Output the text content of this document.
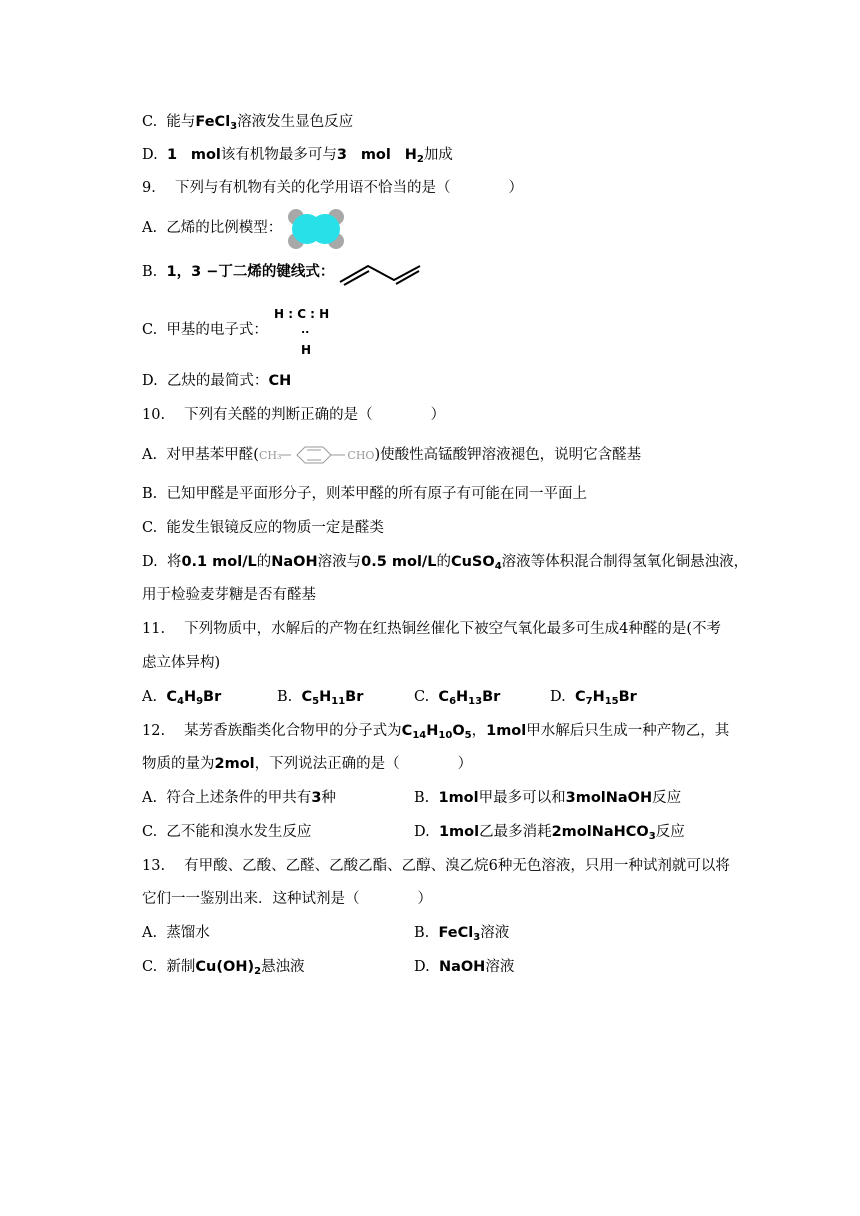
C. 能与FeCl$_3$溶液发生显色反应
D. 1 mol该有机物最多可与3 mol $H_2$加成
9.　 下列与有机物有关的化学用语不恰当的是（　　　　）
A. 乙烯的比例模型：
B. 1，3 −丁二烯的键线式：
C. 甲基的电子式：
H : C : H
..
H
D. 乙炔的最简式：CH
10.　 下列有关醛的判断正确的是（　　　　）
A. 对甲基苯甲醛(CH₃	CHO)使酸性高锰酸钾溶液褪色，说明它含醛基
B. 已知甲醛是平面形分子，则苯甲醛的所有原子有可能在同一平面上
C. 能发生银镜反应的物质一定是醛类
D. 将0.1 mol/L的NaOH溶液与0.5 mol/L的CuSO$_4$溶液等体积混合制得氢氧化铜悬浊液，
用于检验麦芽糖是否有醛基
11.　 下列物质中，水解后的产物在红热铜丝催化下被空气氧化最多可生成4种醛的是(不考
虑立体异构)
A. $C_4H_9Br$	B. $C_5H_{11}Br$	C. $C_6H_{13}Br$	D. $C_7H_{15}Br$
12.　 某芳香族酯类化合物甲的分子式为$C_{14}H_{10}O_5$，1mol甲水解后只生成一种产物乙，其
物质的量为2mol，下列说法正确的是（　　　　）
A. 符合上述条件的甲共有3种	B. 1mol甲最多可以和3molNaOH反应
C. 乙不能和溴水发生反应	D. 1mol乙最多消耗2molNaHCO$_3$反应
13.　 有甲酸、乙酸、乙醛、乙酸乙酯、乙醇、溴乙烷6种无色溶液，只用一种试剂就可以将
它们一一鉴别出来．这种试剂是（　　　　）
A. 蒸馏水	B. FeCl$_3$溶液
C. 新制$Cu(OH)_2$悬浊液	D. NaOH溶液
